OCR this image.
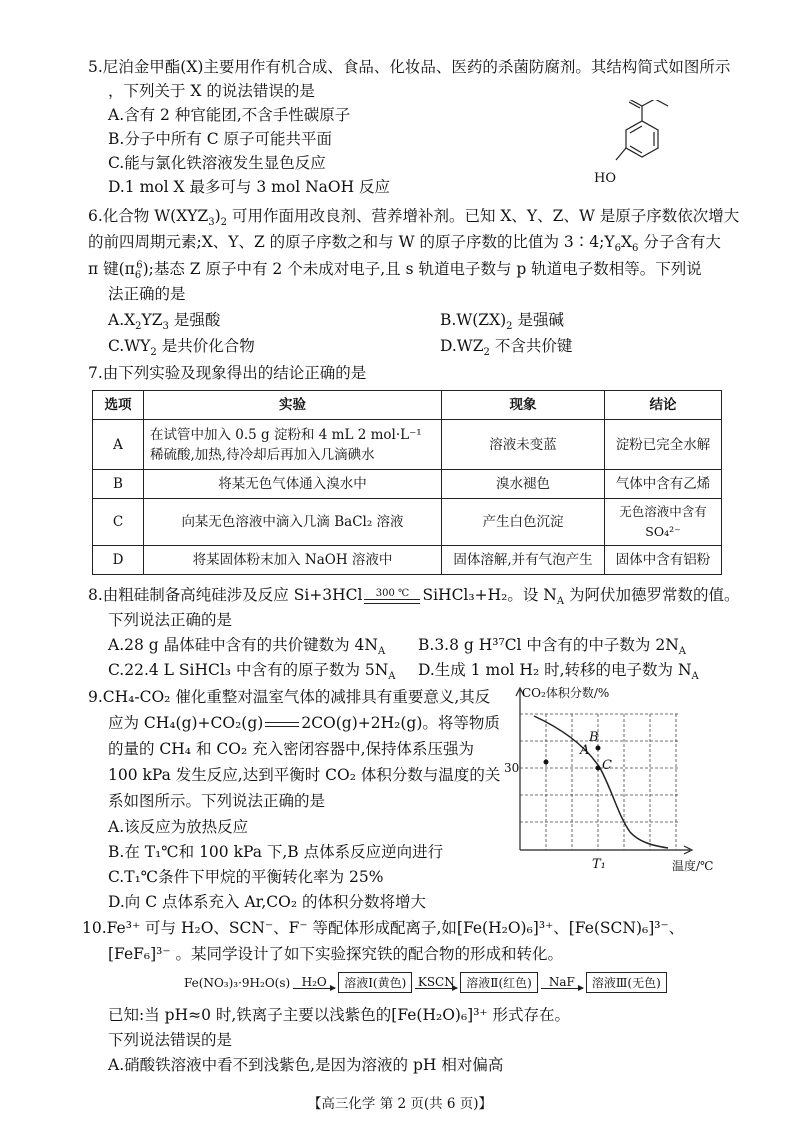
5.尼泊金甲酯(X)主要用作有机合成、食品、化妆品、医药的杀菌防腐剂。其结构简式如图所示
，下列关于 X 的说法错误的是
A.含有 2 种官能团,不含手性碳原子
B.分子中所有 C 原子可能共平面
C.能与氯化铁溶液发生显色反应
D.1 mol X 最多可与 3 mol NaOH 反应	HO
6.化合物 $W(XYZ_3)_2$ 可用作面用改良剂、营养增补剂。已知 X、Y、Z、W 是原子序数依次增大
的前四周期元素;X、Y、Z 的原子序数之和与 W 的原子序数的比值为 $3∶4;Y_6X_6$ 分子含有大
π 键$(\pi_6^6)$;基态 Z 原子中有 2 个未成对电子,且 s 轨道电子数与 p 轨道电子数相等。下列说
法正确的是
$A.X_2YZ_3$ 是强酸	$B.W(ZX)_2$ 是强碱
$C.WY_2$ 是共价化合物	$D.WZ_2$ 不含共价键
7.由下列实验及现象得出的结论正确的是
选项	实验	现象	结论
A	在试管中加入 0.5 g 淀粉和 4 mL 2 mol·L⁻¹
稀硫酸,加热,待冷却后再加入几滴碘水	溶液未变蓝	淀粉已完全水解
B	将某无色气体通入溴水中	溴水褪色	气体中含有乙烯
C	向某无色溶液中滴入几滴 BaCl₂ 溶液	产生白色沉淀	无色溶液中含有SO₄²⁻
D	将某固体粉末加入 NaOH 溶液中	固体溶解,并有气泡产生	固体中含有铝粉
8.由粗硅制备高纯硅涉及反应 Si+3HCl 300 ℃ SiHCl₃+H₂。设 $N_A$ 为阿伏加德罗常数的值。
下列说法正确的是
A.28 g 晶体硅中含有的共价键数为 $4N_A$ B.3.8 g H³⁷Cl 中含有的中子数为 $2N_A$
C.22.4 L SiHCl₃ 中含有的原子数为 $5N_A$ D.生成 1 mol H₂ 时,转移的电子数为 $N_A$
9.CH₄-CO₂ 催化重整对温室气体的减排具有重要意义,其反
应为 CH₄(g)+CO₂(g) 2CO(g)+2H₂(g)。将等物质
的量的 CH₄ 和 CO₂ 充入密闭容器中,保持体系压强为
100 kPa 发生反应,达到平衡时 CO₂ 体积分数与温度的关
系如图所示。下列说法正确的是
A.该反应为放热反应
B.在 T₁℃和 100 kPa 下,B 点体系反应逆向进行
C.T₁℃条件下甲烷的平衡转化率为 25%
D.向 C 点体系充入 Ar,CO₂ 的体积分数将增大
CO₂体积分数/%
温度/℃
30
T₁
A
B
C
10.Fe³⁺ 可与 H₂O、SCN⁻、F⁻ 等配体形成配离子,如[Fe(H₂O)₆]³⁺、[Fe(SCN)₆]³⁻、
[FeF₆]³⁻ 。某同学设计了如下实验探究铁的配合物的形成和转化。
Fe(NO₃)₃·9H₂O(s) H₂O	溶液Ⅰ(黄色) KSCN 溶液Ⅱ(红色)	NaF	溶液Ⅲ(无色)
已知:当 pH≈0 时,铁离子主要以浅紫色的[Fe(H₂O)₆]³⁺ 形式存在。
下列说法错误的是
A.硝酸铁溶液中看不到浅紫色,是因为溶液的 pH 相对偏高
【高三化学 第 2 页(共 6 页)】
